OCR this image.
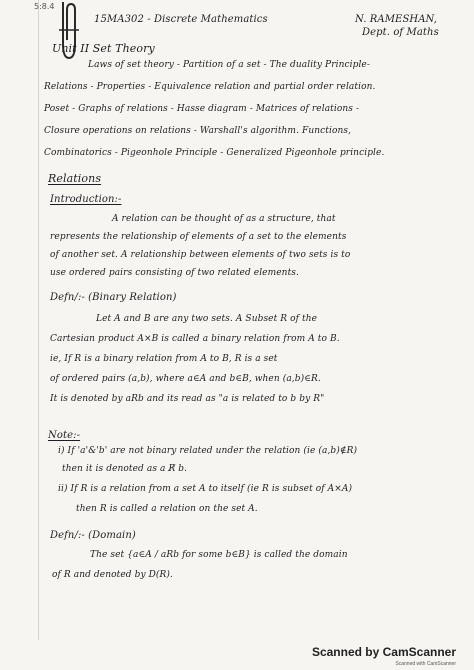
5:8.4
15MA302 - Discrete Mathematics	N. RAMESHAN,
Dept. of Maths
Unit II Set Theory
Laws of set theory - Partition of a set - The duality Principle-
Relations - Properties - Equivalence relation and partial order relation.
Poset - Graphs of relations - Hasse diagram - Matrices of relations -
Closure operations on relations - Warshall's algorithm. Functions,
Combinatorics - Pigeonhole Principle - Generalized Pigeonhole principle.
Relations
Introduction:-
A relation can be thought of as a structure, that
represents the relationship of elements of a set to the elements
of another set. A relationship between elements of two sets is to
use ordered pairs consisting of two related elements.
Defn/:- (Binary Relation)
Let A and B are any two sets. A Subset R of the
Cartesian product A×B is called a binary relation from A to B.
ie, If R is a binary relation from A to B, R is a set
of ordered pairs (a,b), where a∈A and b∈B, when (a,b)∈R.
It is denoted by aRb and its read as "a is related to b by R"
Note:-
i) If 'a'&'b' are not binary related under the relation (ie (a,b)∉R)
then it is denoted as a R̸ b.
ii) If R is a relation from a set A to itself (ie R is subset of A×A)
then R is called a relation on the set A.
Defn/:- (Domain)
The set {a∈A / aRb for some b∈B} is called the domain
of R and denoted by D(R).
Scanned by CamScanner
Scanned with CamScanner
